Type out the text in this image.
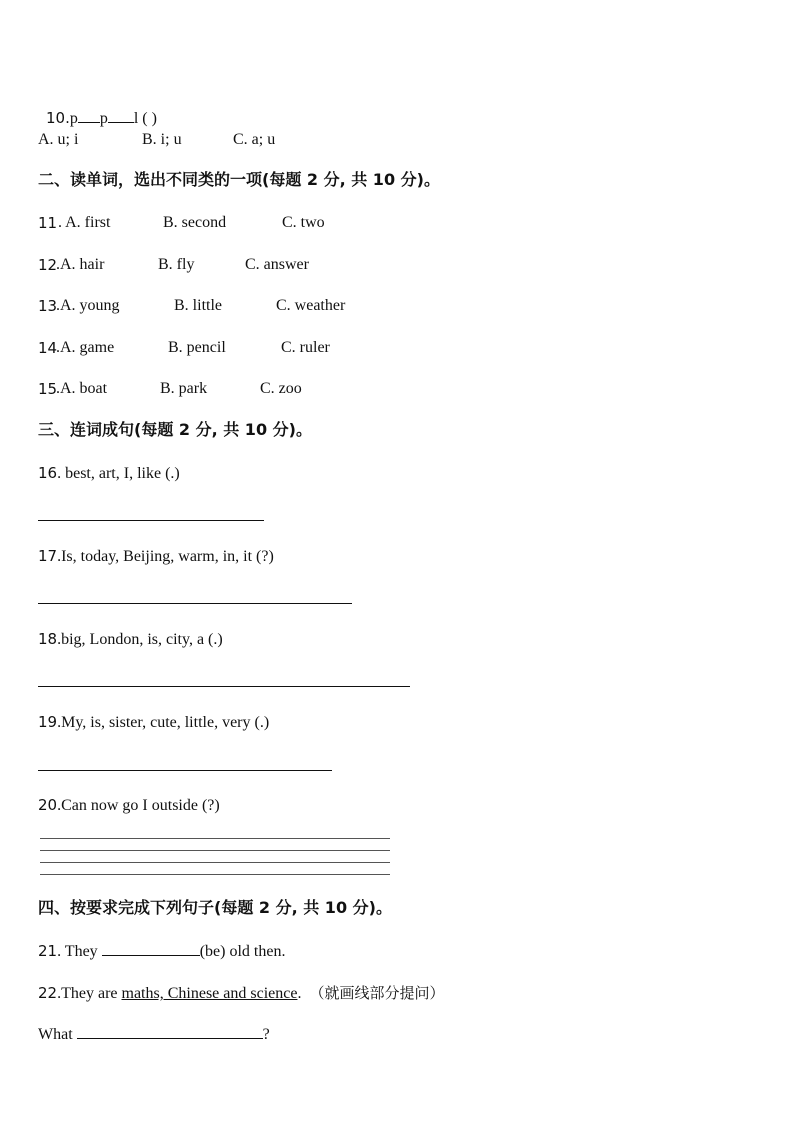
10.p p l ( )

A. u; i

	B. i; u

	C. a; u

二、读单词，选出不同类的一项(每题 2 分, 共 10 分)。

11

. A. first

	B. second

	C. two

12

.A. hair

	B. fly

	C. answer

13

.A. young

	B. little

	C. weather

14

.A. game

	B. pencil

	C. ruler

15

.A. boat

	B. park

	C. zoo

三、连词成句(每题 2 分, 共 10 分)。
16. best, art, I, like (.)
17.Is, today, Beijing, warm, in, it (?)
18.big, London, is, city, a (.)
19.My, is, sister, cute, little, very (.)
20.Can now go I outside (?)
四、按要求完成下列句子(每题 2 分, 共 10 分)。
21. They	(be) old then.
22.They are maths, Chinese and science. （就画线部分提问）
What	?
